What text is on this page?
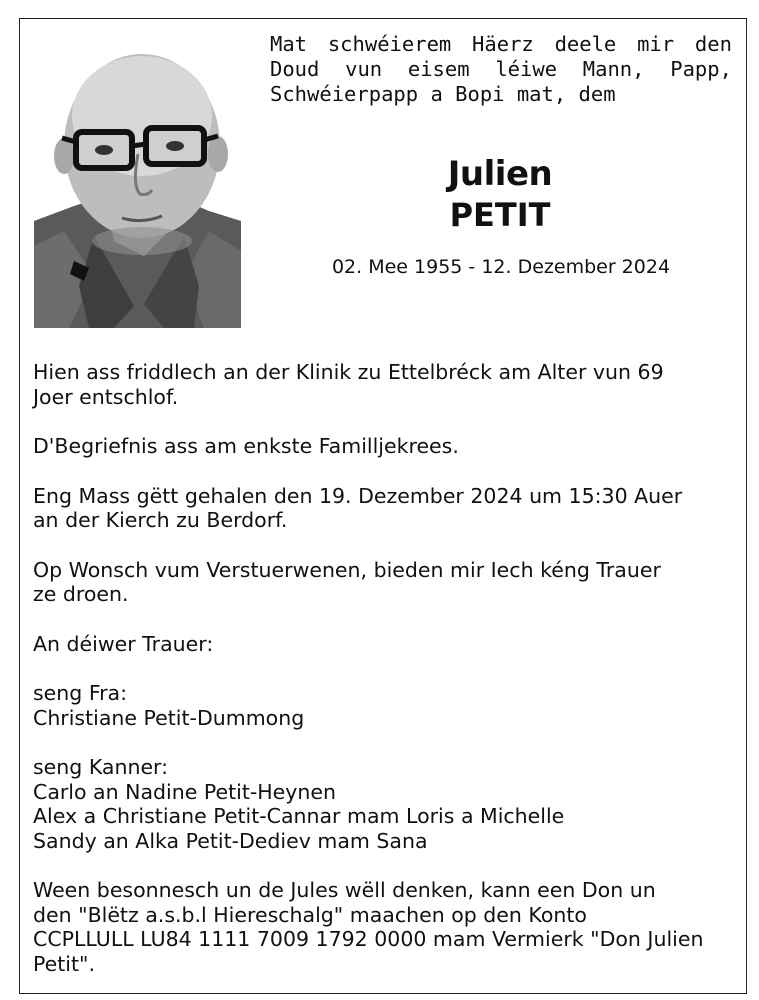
Mat schwéierem Häerz deele mir den
Doud vun eisem léiwe Mann, Papp,
Schwéierpapp a Bopi mat, dem
Julien
PETIT
02. Mee 1955 - 12. Dezember 2024

Hien ass friddlech an der Klinik zu Ettelbréck am Alter vun 69

Joer entschlof.

D'Begriefnis ass am enkste Familljekrees.

Eng Mass gëtt gehalen den 19. Dezember 2024 um 15:30 Auer

an der Kierch zu Berdorf.

Op Wonsch vum Verstuerwenen, bieden mir Iech kéng Trauer

ze droen.

An déiwer Trauer:

seng Fra:

Christiane Petit-Dummong

seng Kanner:

Carlo an Nadine Petit-Heynen

Alex a Christiane Petit-Cannar mam Loris a Michelle

Sandy an Alka Petit-Dediev mam Sana

Ween besonnesch un de Jules wëll denken, kann een Don un

den "Blëtz a.s.b.l Hiereschalg" maachen op den Konto

CCPLLULL LU84 1111 7009 1792 0000 mam Vermierk "Don Julien

Petit".
